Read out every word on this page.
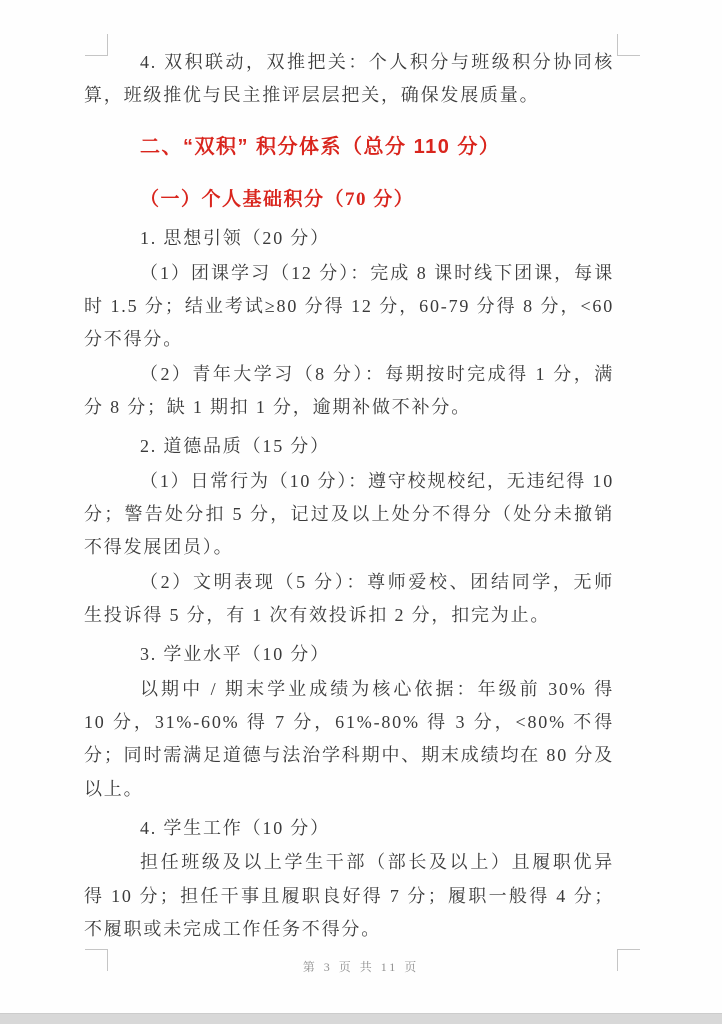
4. 双积联动，双推把关：个人积分与班级积分协同核算，班级推优与民主推评层层把关，确保发展质量。

二、“双积” 积分体系（总分 110 分）

（一）个人基础积分（70 分）

1. 思想引领（20 分）

（1）团课学习（12 分）：完成 8 课时线下团课，每课时 1.5 分；结业考试≥80 分得 12 分，60-79 分得 8 分，<60 分不得分。

（2）青年大学习（8 分）：每期按时完成得 1 分，满分 8 分；缺 1 期扣 1 分，逾期补做不补分。

2. 道德品质（15 分）

（1）日常行为（10 分）：遵守校规校纪，无违纪得 10 分；警告处分扣 5 分，记过及以上处分不得分（处分未撤销不得发展团员）。

（2）文明表现（5 分）：尊师爱校、团结同学，无师生投诉得 5 分，有 1 次有效投诉扣 2 分，扣完为止。

3. 学业水平（10 分）

以期中 / 期末学业成绩为核心依据：年级前 30% 得 10 分，31%-60% 得 7 分，61%-80% 得 3 分，<80% 不得分；同时需满足道德与法治学科期中、期末成绩均在 80 分及以上。

4. 学生工作（10 分）

担任班级及以上学生干部（部长及以上）且履职优异得 10 分；担任干事且履职良好得 7 分；履职一般得 4 分；不履职或未完成工作任务不得分。

第 3 页 共 11 页
